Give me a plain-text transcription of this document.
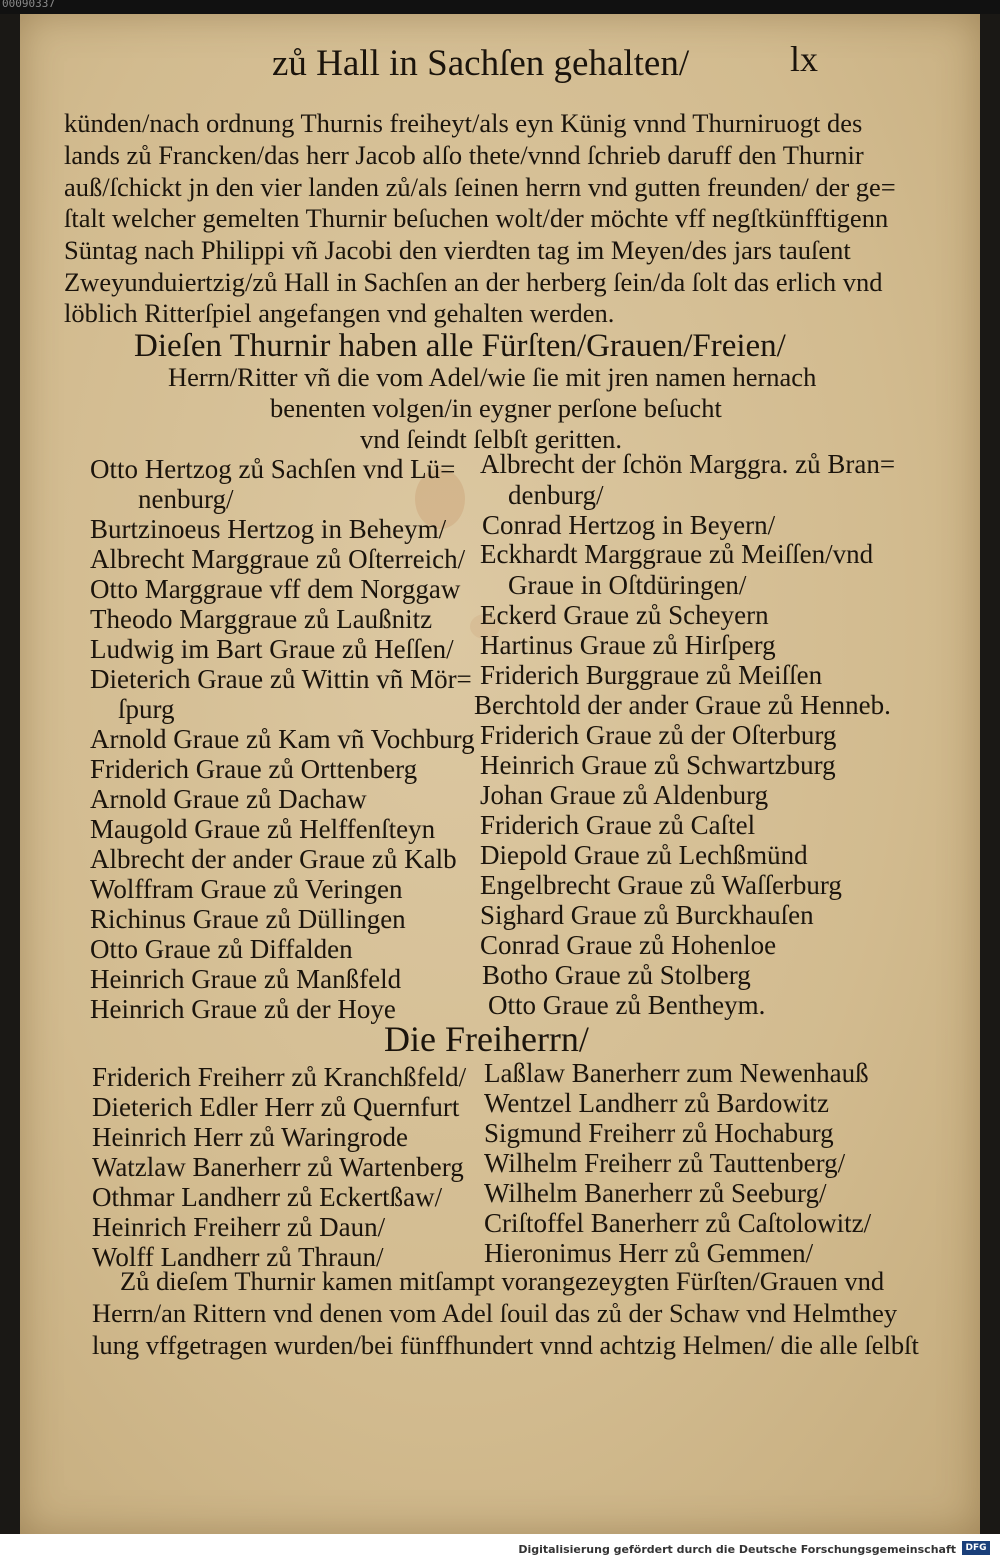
00090337
zů Hall in Sachſen gehalten/	lx
künden/nach ordnung Thurnis freiheyt/als eyn Künig vnnd Thurniruogt des
lands zů Francken/das herr Jacob alſo thete/vnnd ſchrieb daruff den Thurnir
auß/ſchickt jn den vier landen zů/als ſeinen herrn vnd gutten freunden/ der ge=
ſtalt welcher gemelten Thurnir beſuchen wolt/der möchte vff negſtkünfftigenn
Süntag nach Philippi vñ Jacobi den vierdten tag im Meyen/des jars tauſent
Zweyunduiertzig/zů Hall in Sachſen an der herberg ſein/da ſolt das erlich vnd
löblich Ritterſpiel angefangen vnd gehalten werden.
Dieſen Thurnir haben alle Fürſten/Grauen/Freien/
Herrn/Ritter vñ die vom Adel/wie ſie mit jren namen hernach
benenten volgen/in eygner perſone beſucht
vnd ſeindt ſelbſt geritten.
Otto Hertzog zů Sachſen vnd Lü=
nenburg/
Burtzinoeus Hertzog in Beheym/
Albrecht Marggraue zů Oſterreich/
Otto Marggraue vff dem Norggaw
Theodo Marggraue zů Laußnitz
Ludwig im Bart Graue zů Heſſen/
Dieterich Graue zů Wittin vñ Mör=
ſpurg
Arnold Graue zů Kam vñ Vochburg
Friderich Graue zů Orttenberg
Arnold Graue zů Dachaw
Maugold Graue zů Helffenſteyn
Albrecht der ander Graue zů Kalb
Wolffram Graue zů Veringen
Richinus Graue zů Düllingen
Otto Graue zů Diffalden
Heinrich Graue zů Manßfeld
Heinrich Graue zů der Hoye
Albrecht der ſchön Marggra. zů Bran=
denburg/
Conrad Hertzog in Beyern/
Eckhardt Marggraue zů Meiſſen/vnd
Graue in Oſtdüringen/
Eckerd Graue zů Scheyern
Hartinus Graue zů Hirſperg
Friderich Burggraue zů Meiſſen
Berchtold der ander Graue zů Henneb.
Friderich Graue zů der Oſterburg
Heinrich Graue zů Schwartzburg
Johan Graue zů Aldenburg
Friderich Graue zů Caſtel
Diepold Graue zů Lechßmünd
Engelbrecht Graue zů Waſſerburg
Sighard Graue zů Burckhauſen
Conrad Graue zů Hohenloe
Botho Graue zů Stolberg
Otto Graue zů Bentheym.
Die Freiherrn/
Friderich Freiherr zů Kranchßfeld/
Dieterich Edler Herr zů Quernfurt
Heinrich Herr zů Waringrode
Watzlaw Banerherr zů Wartenberg
Othmar Landherr zů Eckertßaw/
Heinrich Freiherr zů Daun/
Wolff Landherr zů Thraun/
Laßlaw Banerherr zum Newenhauß
Wentzel Landherr zů Bardowitz
Sigmund Freiherr zů Hochaburg
Wilhelm Freiherr zů Tauttenberg/
Wilhelm Banerherr zů Seeburg/
Criſtoffel Banerherr zů Caſtolowitz/
Hieronimus Herr zů Gemmen/
Zů dieſem Thurnir kamen mitſampt vorangezeygten Fürſten/Grauen vnd
Herrn/an Rittern vnd denen vom Adel ſouil das zů der Schaw vnd Helmthey
lung vffgetragen wurden/bei fünffhundert vnnd achtzig Helmen/ die alle ſelbſt
Digitalisierung gefördert durch die Deutsche Forschungsgemeinschaft	DFG
